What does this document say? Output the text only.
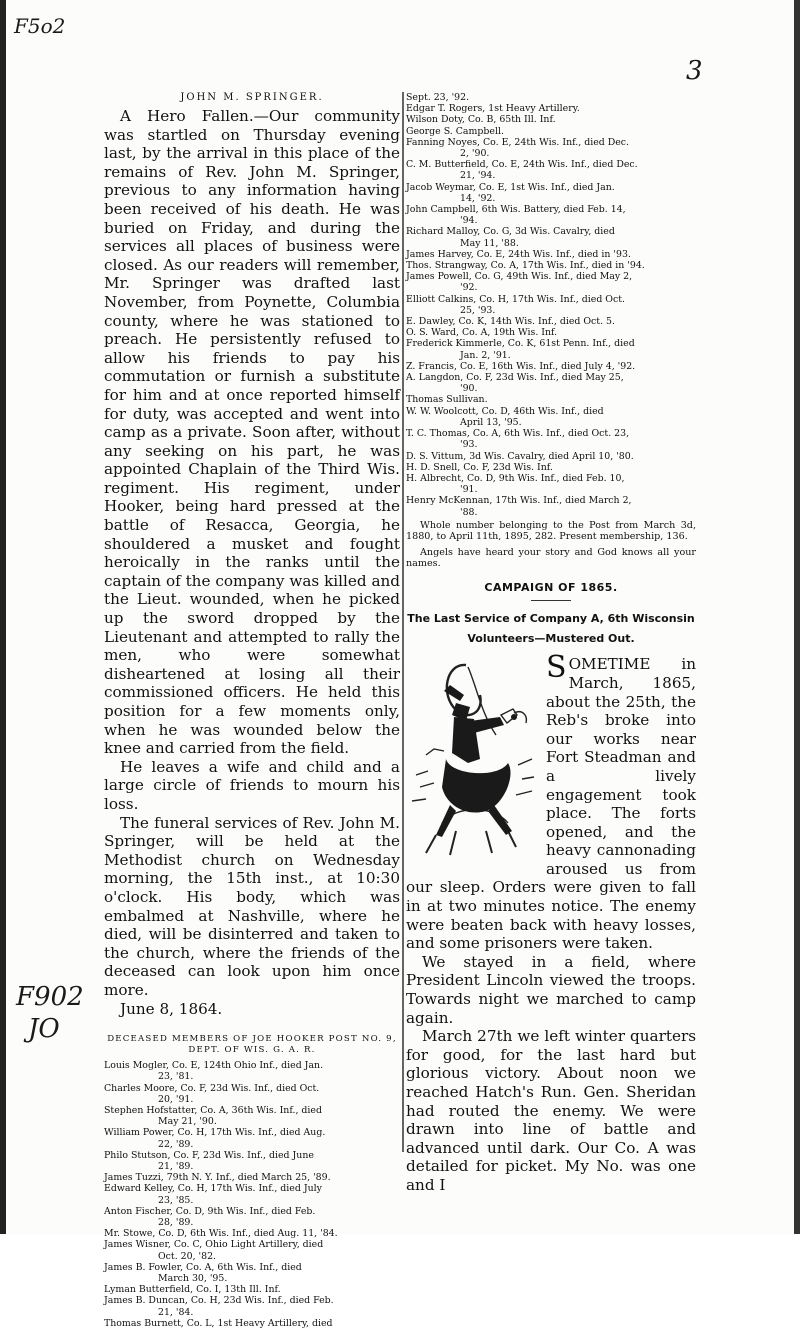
F5o2
3
F902
JO
JOHN M. SPRINGER.

A Hero Fallen.—Our community was startled on Thursday evening last, by the arrival in this place of the remains of Rev. John M. Springer, previous to any information having been received of his death. He was buried on Friday, and during the services all places of business were closed. As our readers will remember, Mr. Springer was drafted last November, from Poynette, Columbia county, where he was stationed to preach. He persistently refused to allow his friends to pay his commutation or furnish a substitute for him and at once reported himself for duty, was accepted and went into camp as a private. Soon after, without any seeking on his part, he was appointed Chaplain of the Third Wis. regiment. His regiment, under Hooker, being hard pressed at the battle of Resacca, Georgia, he shouldered a musket and fought heroically in the ranks until the captain of the company was killed and the Lieut. wounded, when he picked up the sword dropped by the Lieutenant and attempted to rally the men, who were somewhat disheartened at losing all their commissioned officers. He held this position for a few moments only, when he was wounded below the knee and carried from the field.

He leaves a wife and child and a large circle of friends to mourn his loss.

The funeral services of Rev. John M. Springer, will be held at the Methodist church on Wednesday morning, the 15th inst., at 10:30 o'clock. His body, which was embalmed at Nashville, where he died, will be disinterred and taken to the church, where the friends of the deceased can look upon him once more.

June 8, 1864.

DECEASED MEMBERS OF JOE HOOKER POST NO. 9, DEPT. OF WIS. G. A. R.
Louis Mogler, Co. E, 124th Ohio Inf., died Jan.
23, '81.
Charles Moore, Co. F, 23d Wis. Inf., died Oct.
20, '91.
Stephen Hofstatter, Co. A, 36th Wis. Inf., died
May 21, '90.
William Power, Co. H, 17th Wis. Inf., died Aug.
22, '89.
Philo Stutson, Co. F, 23d Wis. Inf., died June
21, '89.
James Tuzzi, 79th N. Y. Inf., died March 25, '89.
Edward Kelley, Co. H, 17th Wis. Inf., died July
23, '85.
Anton Fischer, Co. D, 9th Wis. Inf., died Feb.
28, '89.
Mr. Stowe, Co. D, 6th Wis. Inf., died Aug. 11, '84.
James Wisner, Co. C, Ohio Light Artillery, died
Oct. 20, '82.
James B. Fowler, Co. A, 6th Wis. Inf., died
March 30, '95.
Lyman Butterfield, Co. I, 13th Ill. Inf.
James B. Duncan, Co. H, 23d Wis. Inf., died Feb.
21, '84.
Thomas Burnett, Co. L, 1st Heavy Artillery, died
Sept. 23, '92.
Edgar T. Rogers, 1st Heavy Artillery.
Wilson Doty, Co. B, 65th Ill. Inf.
George S. Campbell.
Fanning Noyes, Co. E, 24th Wis. Inf., died Dec.
2, '90.
C. M. Butterfield, Co. E, 24th Wis. Inf., died Dec.
21, '94.
Jacob Weymar, Co. E, 1st Wis. Inf., died Jan.
14, '92.
John Campbell, 6th Wis. Battery, died Feb. 14,
'94.
Richard Malloy, Co. G, 3d Wis. Cavalry, died
May 11, '88.
James Harvey, Co. E, 24th Wis. Inf., died in '93.
Thos. Strangway, Co. A, 17th Wis. Inf., died in '94.
James Powell, Co. G, 49th Wis. Inf., died May 2,
'92.
Elliott Calkins, Co. H, 17th Wis. Inf., died Oct.
25, '93.
E. Dawley, Co. K, 14th Wis. Inf., died Oct. 5.
O. S. Ward, Co. A, 19th Wis. Inf.
Frederick Kimmerle, Co. K, 61st Penn. Inf., died
Jan. 2, '91.
Z. Francis, Co. E, 16th Wis. Inf., died July 4, '92.
A. Langdon, Co. F, 23d Wis. Inf., died May 25,
'90.
Thomas Sullivan.
W. W. Woolcott, Co. D, 46th Wis. Inf., died
April 13, '95.
T. C. Thomas, Co. A, 6th Wis. Inf., died Oct. 23,
'93.
D. S. Vittum, 3d Wis. Cavalry, died April 10, '80.
H. D. Snell, Co. F, 23d Wis. Inf.
H. Albrecht, Co. D, 9th Wis. Inf., died Feb. 10,
'91.
Henry McKennan, 17th Wis. Inf., died March 2,
'88.

Whole number belonging to the Post from March 3d, 1880, to April 11th, 1895, 282. Present membership, 136.

Angels have heard your story and God knows all your names.

CAMPAIGN OF 1865.
The Last Service of Company A, 6th Wisconsin Volunteers—Mustered Out.

SOMETIME in March, 1865, about the 25th, the Reb's broke into our works near Fort Steadman and a lively engagement took place. The forts opened, and the heavy cannonading aroused us from our sleep. Orders were given to fall in at two minutes notice. The enemy were beaten back with heavy losses, and some prisoners were taken.

We stayed in a field, where President Lincoln viewed the troops. Towards night we marched to camp again.

March 27th we left winter quarters for good, for the last hard but glorious victory. About noon we reached Hatch's Run. Gen. Sheridan had routed the enemy. We were drawn into line of battle and advanced until dark. Our Co. A was detailed for picket. My No. was one and I
